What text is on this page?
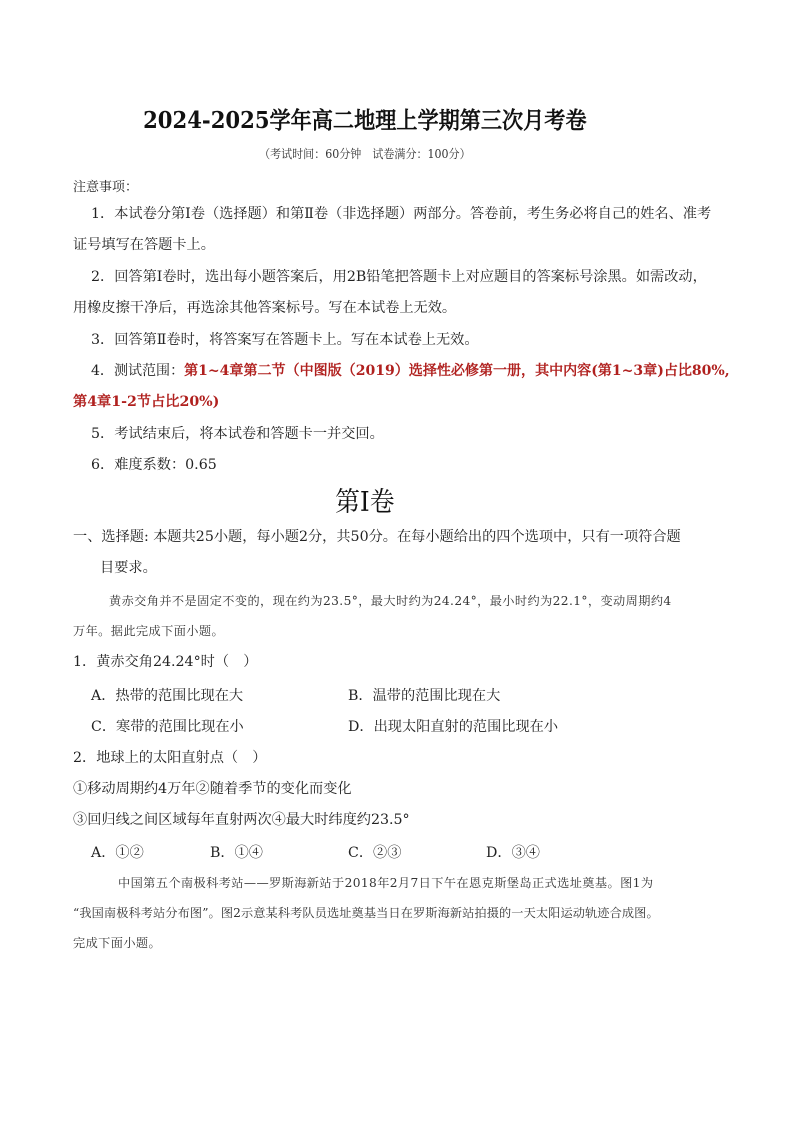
2024-2025学年高二地理上学期第三次月考卷
（考试时间：60分钟　试卷满分：100分）
注意事项：
1．本试卷分第Ⅰ卷（选择题）和第Ⅱ卷（非选择题）两部分。答卷前，考生务必将自己的姓名、准考
证号填写在答题卡上。
2．回答第Ⅰ卷时，选出每小题答案后，用2B铅笔把答题卡上对应题目的答案标号涂黑。如需改动，
用橡皮擦干净后，再选涂其他答案标号。写在本试卷上无效。
3．回答第Ⅱ卷时，将答案写在答题卡上。写在本试卷上无效。
4．测试范围：第1~4章第二节（中图版（2019）选择性必修第一册，其中内容(第1~3章)占比80%,
第4章1-2节占比20%)
5．考试结束后，将本试卷和答题卡一并交回。
6．难度系数：0.65
第Ⅰ卷
一、选择题: 本题共25小题，每小题2分，共50分。在每小题给出的四个选项中，只有一项符合题
目要求。
黄赤交角并不是固定不变的，现在约为23.5°，最大时约为24.24°，最小时约为22.1°，变动周期约4
万年。据此完成下面小题。
1．黄赤交角24.24°时（　）
A．热带的范围比现在大	B．温带的范围比现在大
C．寒带的范围比现在小	D．出现太阳直射的范围比现在小
2．地球上的太阳直射点（　）
①移动周期约4万年②随着季节的变化而变化
③回归线之间区域每年直射两次④最大时纬度约23.5°
A．①②	B．①④	C．②③	D．③④
中国第五个南极科考站——罗斯海新站于2018年2月7日下午在恩克斯堡岛正式选址奠基。图1为
“我国南极科考站分布图”。图2示意某科考队员选址奠基当日在罗斯海新站拍摄的一天太阳运动轨迹合成图。
完成下面小题。
